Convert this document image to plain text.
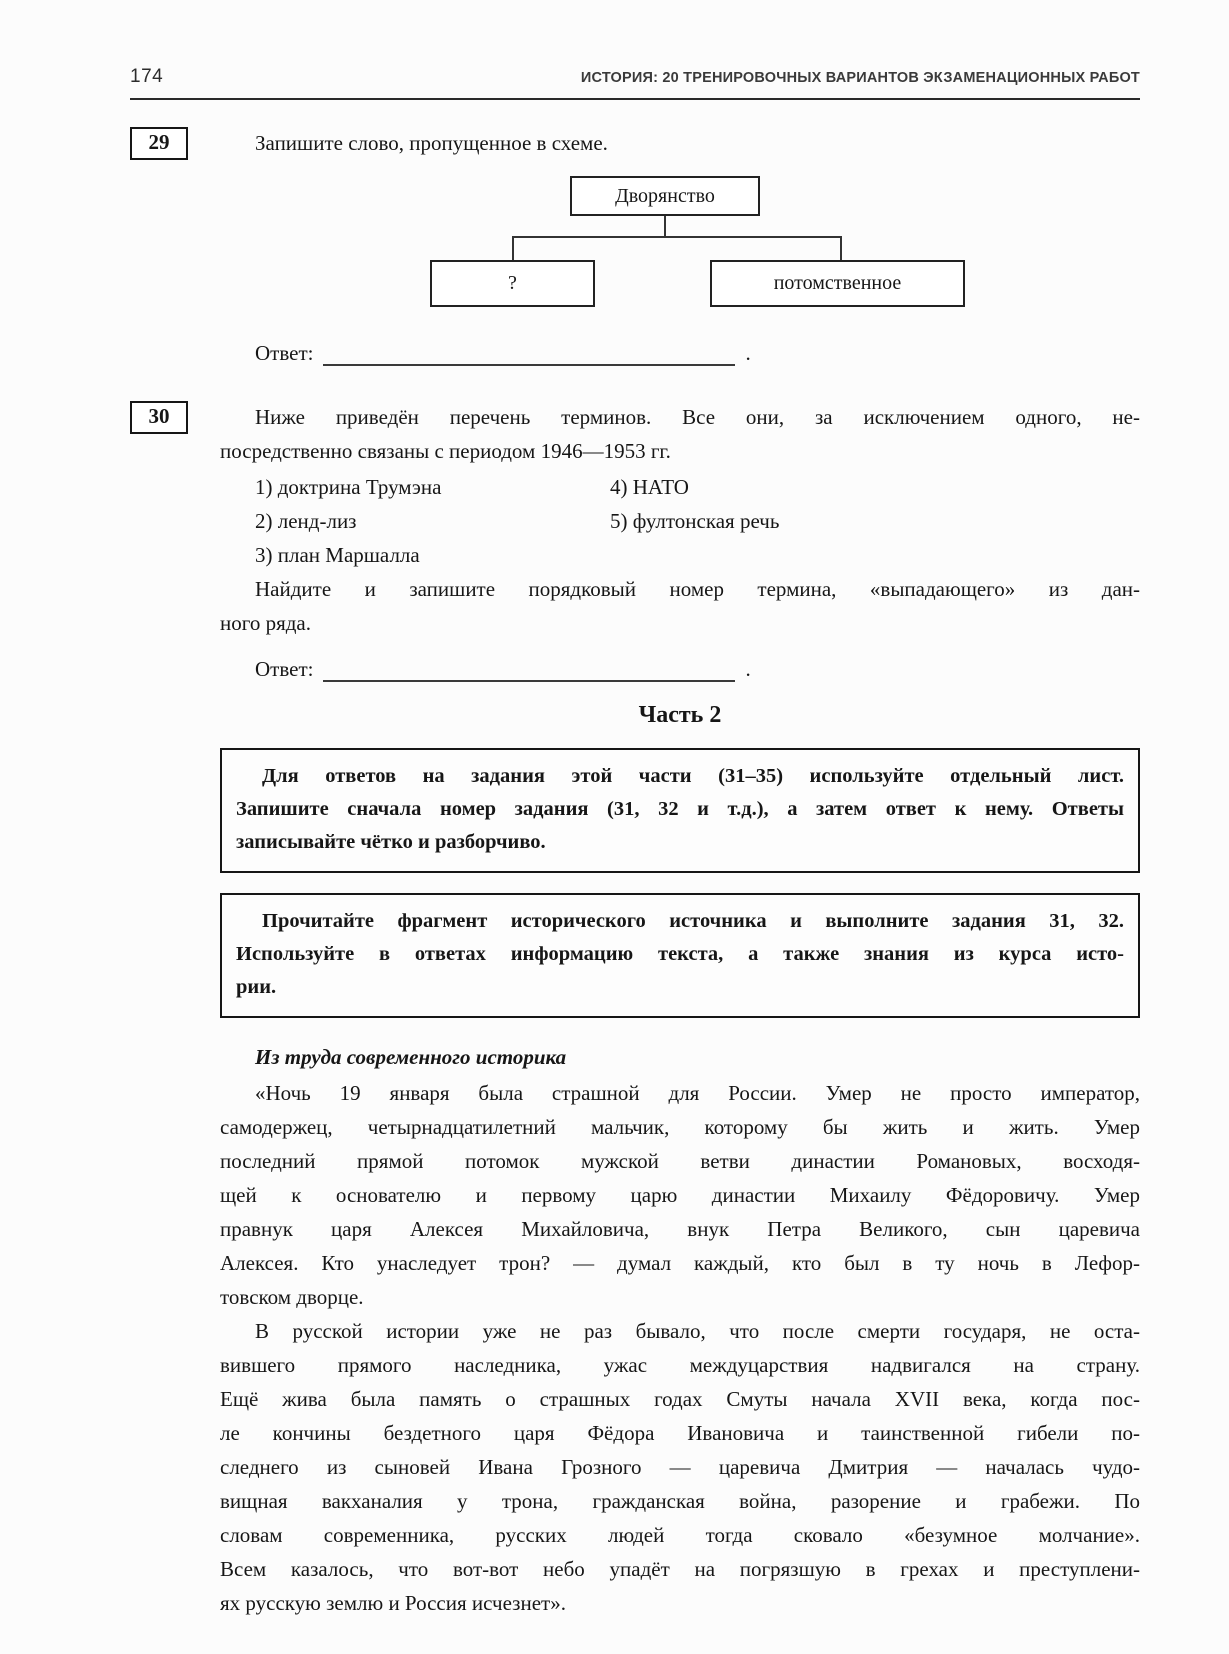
174	ИСТОРИЯ: 20 ТРЕНИРОВОЧНЫХ ВАРИАНТОВ ЭКЗАМЕНАЦИОННЫХ РАБОТ
29	Запишите слово, пропущенное в схеме.
Дворянство
?	потомственное
Ответ:	.
30	Ниже приведён перечень терминов. Все они, за исключением одного, не-
посредственно связаны с периодом 1946—1953 гг.
1) доктрина Трумэна
2) ленд-лиз
3) план Маршалла
4) НАТО
5) фултонская речь
Найдите и запишите порядковый номер термина, «выпадающего» из дан-
ного ряда.
Ответ:	.
Часть 2
Для ответов на задания этой части (31–35) используйте отдельный лист.
Запишите сначала номер задания (31, 32 и т.д.), а затем ответ к нему. Ответы
записывайте чётко и разборчиво.
Прочитайте фрагмент исторического источника и выполните задания 31, 32.
Используйте в ответах информацию текста, а также знания из курса исто-
рии.
Из труда современного историка
«Ночь 19 января была страшной для России. Умер не просто император,
самодержец, четырнадцатилетний мальчик, которому бы жить и жить. Умер
последний прямой потомок мужской ветви династии Романовых, восходя-
щей к основателю и первому царю династии Михаилу Фёдоровичу. Умер
правнук царя Алексея Михайловича, внук Петра Великого, сын царевича
Алексея. Кто унаследует трон? — думал каждый, кто был в ту ночь в Лефор-
товском дворце.
В русской истории уже не раз бывало, что после смерти государя, не оста-
вившего прямого наследника, ужас междуцарствия надвигался на страну.
Ещё жива была память о страшных годах Смуты начала XVII века, когда пос-
ле кончины бездетного царя Фёдора Ивановича и таинственной гибели по-
следнего из сыновей Ивана Грозного — царевича Дмитрия — началась чудо-
вищная вакханалия у трона, гражданская война, разорение и грабежи. По
словам современника, русских людей тогда сковало «безумное молчание».
Всем казалось, что вот-вот небо упадёт на погрязшую в грехах и преступлени-
ях русскую землю и Россия исчезнет».
